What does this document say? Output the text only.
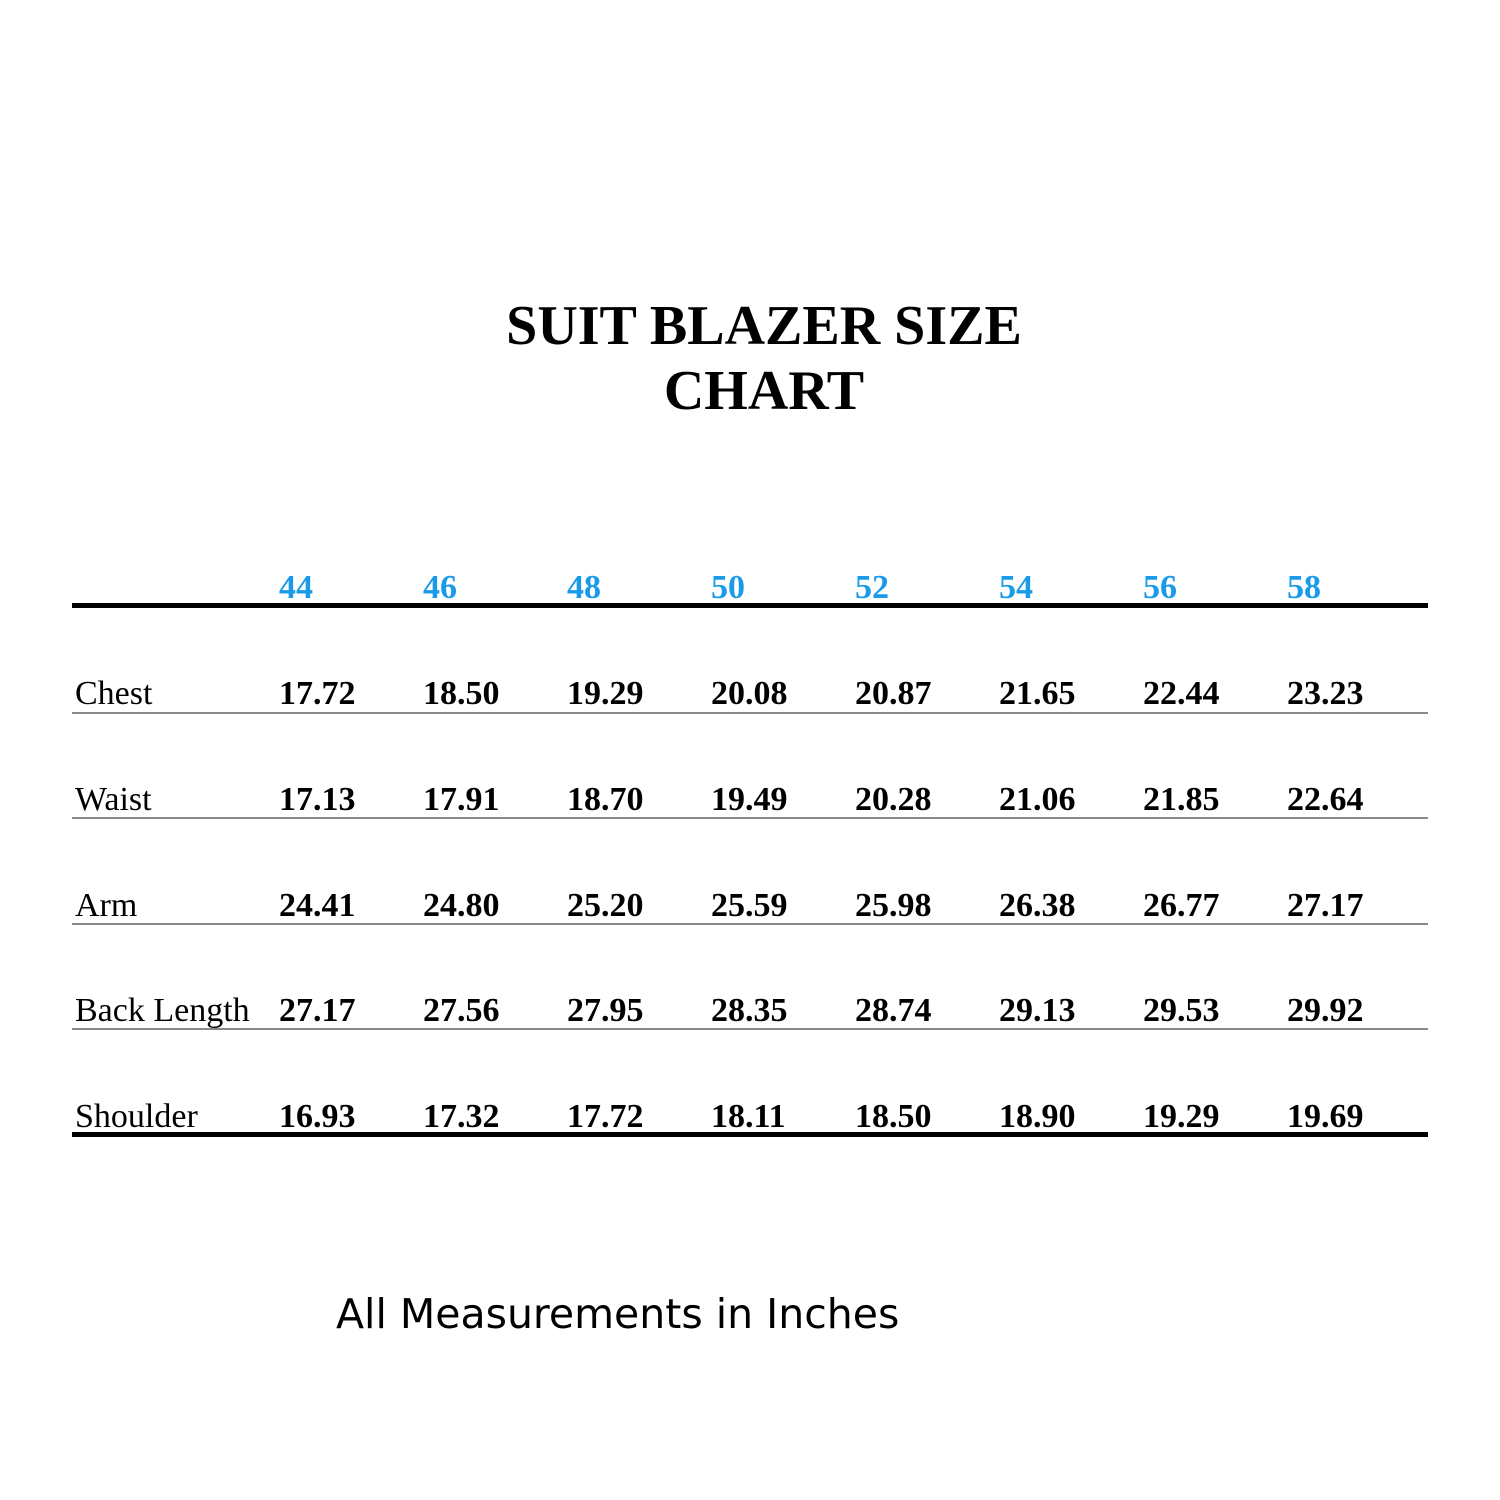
SUIT BLAZER SIZE
CHART
44	46	48	50	52	54	56	58
Chest	17.72 18.50 19.29 20.08 20.87 21.65 22.44 23.23
Waist	17.13 17.91 18.70 19.49 20.28 21.06 21.85 22.64
Arm	24.41 24.80 25.20 25.59 25.98 26.38 26.77 27.17
Back Length 27.17 27.56 27.95 28.35 28.74 29.13 29.53 29.92
Shoulder 16.93 17.32 17.72 18.11 18.50 18.90 19.29 19.69
All Measurements in Inches
